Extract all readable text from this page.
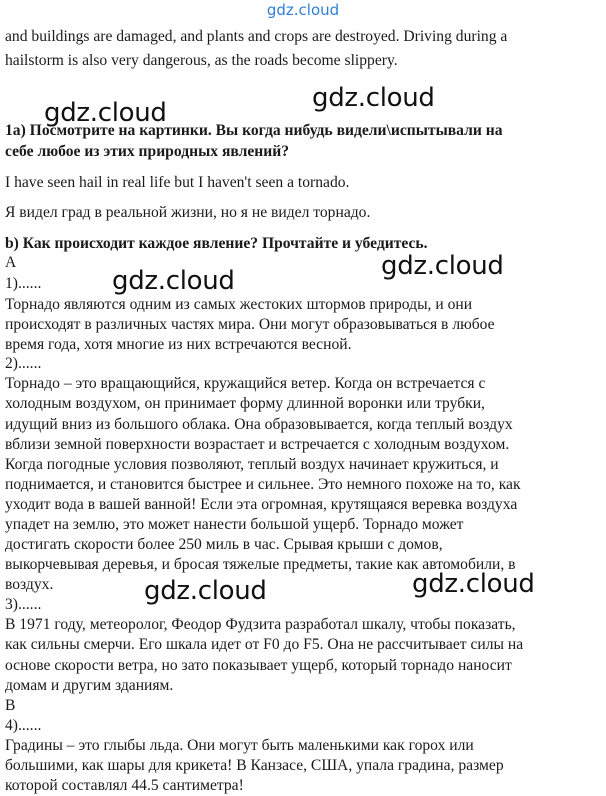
gdz.cloud
and buildings are damaged, and plants and crops are destroyed. Driving during a
hailstorm is also very dangerous, as the roads become slippery.
1a) Посмотрите на картинки. Вы когда нибудь видели\испытывали на
себе любое из этих природных явлений?
I have seen hail in real life but I haven't seen a tornado.
Я видел град в реальной жизни, но я не видел торнадо.
b) Как происходит каждое явление? Прочтайте и убедитесь.
A
1)......
Торнадо являются одним из самых жестоких штормов природы, и они
происходят в различных частях мира. Они могут образовываться в любое
время года, хотя многие из них встречаются весной.
2)......
Торнадо – это вращающийся, кружащийся ветер. Когда он встречается с
холодным воздухом, он принимает форму длинной воронки или трубки,
идущий вниз из большого облака. Она образовывается, когда теплый воздух
вблизи земной поверхности возрастает и встречается с холодным воздухом.
Когда погодные условия позволяют, теплый воздух начинает кружиться, и
поднимается, и становится быстрее и сильнее. Это немного похоже на то, как
уходит вода в вашей ванной! Если эта огромная, крутящаяся веревка воздуха
упадет на землю, это может нанести большой ущерб. Торнадо может
достигать скорости более 250 миль в час. Срывая крыши с домов,
выкорчевывая деревья, и бросая тяжелые предметы, такие как автомобили, в
воздух.
3)......
В 1971 году, метеоролог, Феодор Фудзита разработал шкалу, чтобы показать,
как сильны смерчи. Его шкала идет от F0 до F5. Она не рассчитывает силы на
основе скорости ветра, но зато показывает ущерб, который торнадо наносит
домам и другим зданиям.
B
4)......
Градины – это глыбы льда. Они могут быть маленькими как горох или
большими, как шары для крикета! В Канзасе, США, упала градина, размер
которой составлял 44.5 сантиметра!
gdz.cloud	gdz.cloud
gdz.cloud	gdz.cloud
gdz.cloud	gdz.cloud
